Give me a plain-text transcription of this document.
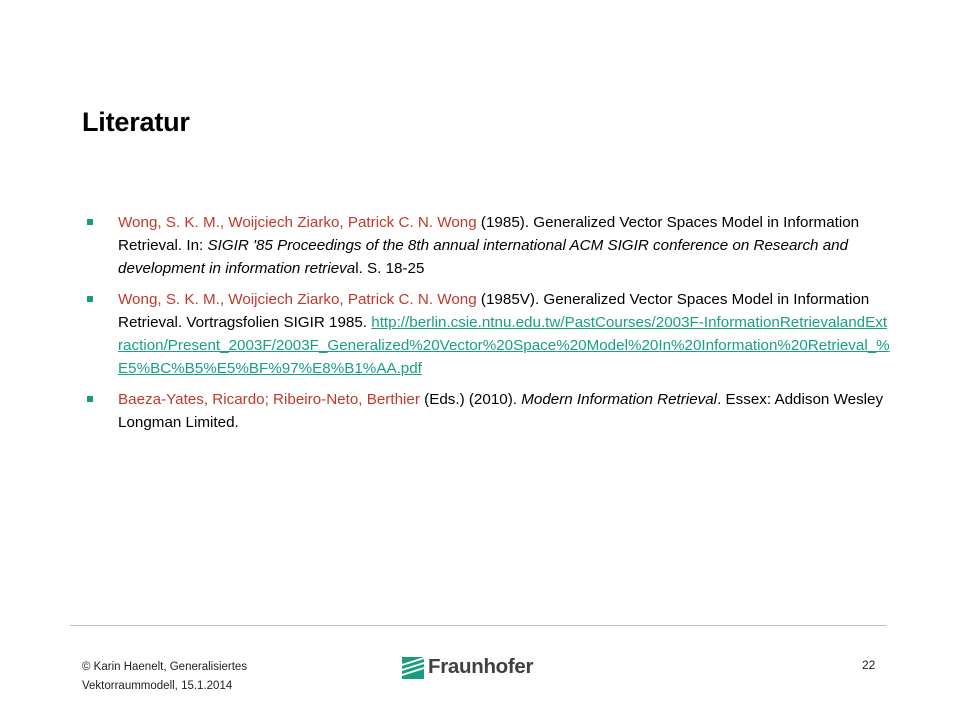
Literatur
Wong, S. K. M., Woijciech Ziarko, Patrick C. N. Wong (1985). Generalized Vector Spaces Model in Information Retrieval. In: SIGIR '85 Proceedings of the 8th annual international ACM SIGIR conference on Research and development in information retrieval. S. 18-25
Wong, S. K. M., Woijciech Ziarko, Patrick C. N. Wong (1985V). Generalized Vector Spaces Model in Information Retrieval. Vortragsfolien SIGIR 1985. http://berlin.csie.ntnu.edu.tw/PastCourses/2003F-InformationRetrievalandExtraction/Present_2003F/2003F_Generalized%20Vector%20Space%20Model%20In%20Information%20Retrieval_%E5%BC%B5%E5%BF%97%E8%B1%AA.pdf
Baeza-Yates, Ricardo; Ribeiro-Neto, Berthier (Eds.) (2010). Modern Information Retrieval. Essex: Addison Wesley Longman Limited.
© Karin Haenelt, Generalisiertes
Vektorraummodell, 15.1.2014
Fraunhofer	22
